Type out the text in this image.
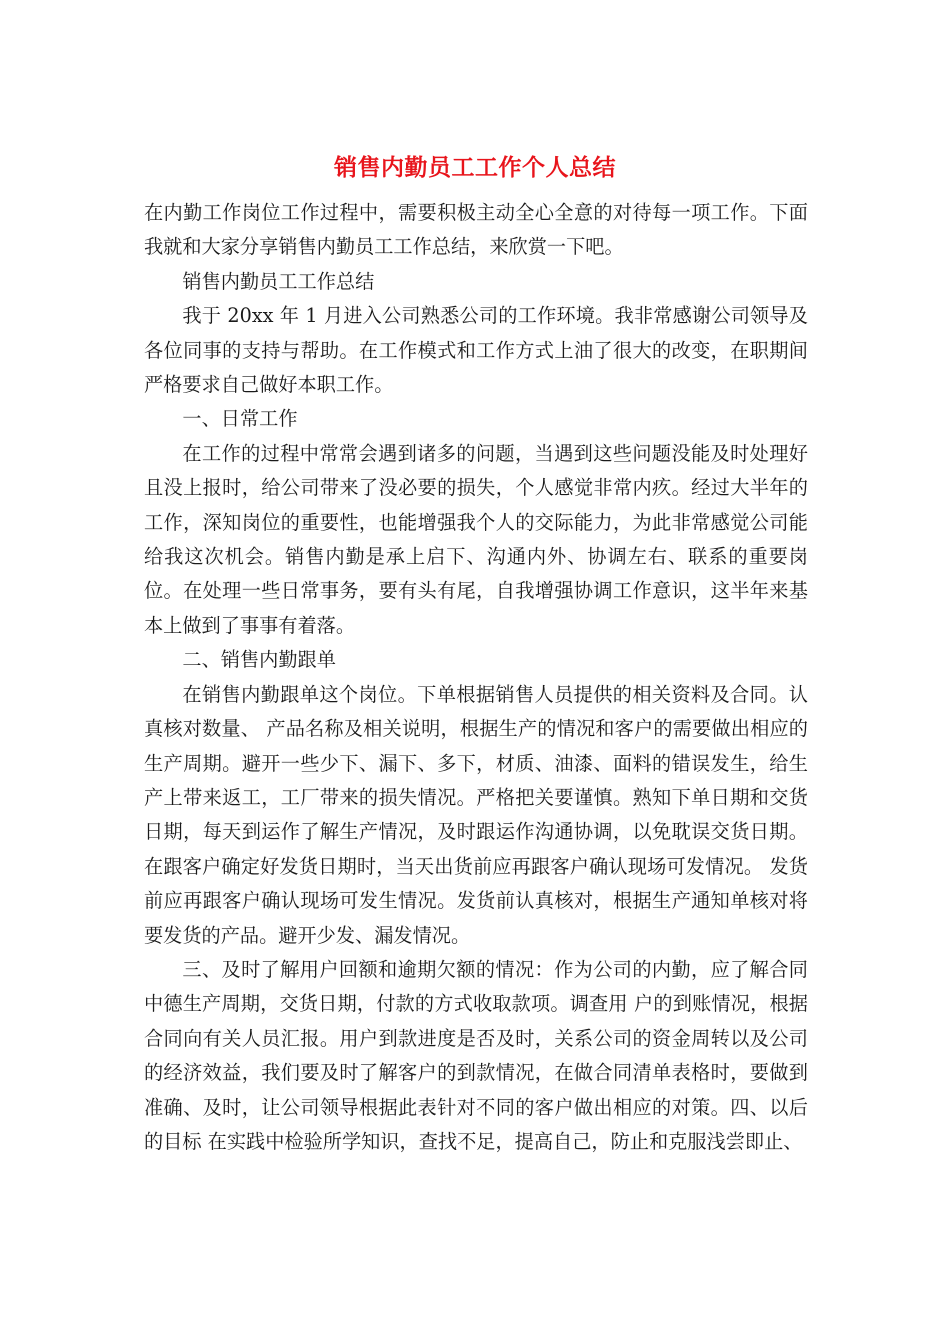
销售内勤员工工作个人总结

在内勤工作岗位工作过程中，需要积极主动全心全意的对待每一项工作。下面我就和大家分享销售内勤员工工作总结，来欣赏一下吧。

销售内勤员工工作总结

我于 20xx 年 1 月进入公司熟悉公司的工作环境。我非常感谢公司领导及各位同事的支持与帮助。在工作模式和工作方式上油了很大的改变，在职期间严格要求自己做好本职工作。

一、日常工作

在工作的过程中常常会遇到诸多的问题，当遇到这些问题没能及时处理好且没上报时，给公司带来了没必要的损失，个人感觉非常内疚。经过大半年的工作，深知岗位的重要性，也能增强我个人的交际能力，为此非常感觉公司能给我这次机会。销售内勤是承上启下、沟通内外、协调左右、联系的重要岗位。在处理一些日常事务，要有头有尾，自我增强协调工作意识，这半年来基本上做到了事事有着落。

二、销售内勤跟单

在销售内勤跟单这个岗位。下单根据销售人员提供的相关资料及合同。认真核对数量、 产品名称及相关说明，根据生产的情况和客户的需要做出相应的生产周期。避开一些少下、漏下、多下，材质、油漆、面料的错误发生，给生产上带来返工，工厂带来的损失情况。严格把关要谨慎。熟知下单日期和交货日期，每天到运作了解生产情况，及时跟运作沟通协调，以免耽误交货日期。在跟客户确定好发货日期时，当天出货前应再跟客户确认现场可发情况。 发货前应再跟客户确认现场可发生情况。发货前认真核对，根据生产通知单核对将要发货的产品。避开少发、漏发情况。

三、及时了解用户回额和逾期欠额的情况：作为公司的内勤，应了解合同中德生产周期，交货日期，付款的方式收取款项。调查用 户的到账情况，根据合同向有关人员汇报。用户到款进度是否及时，关系公司的资金周转以及公司的经济效益，我们要及时了解客户的到款情况，在做合同清单表格时，要做到准确、及时，让公司领导根据此表针对不同的客户做出相应的对策。四、以后的目标 在实践中检验所学知识，查找不足，提高自己，防止和克服浅尝即止、
